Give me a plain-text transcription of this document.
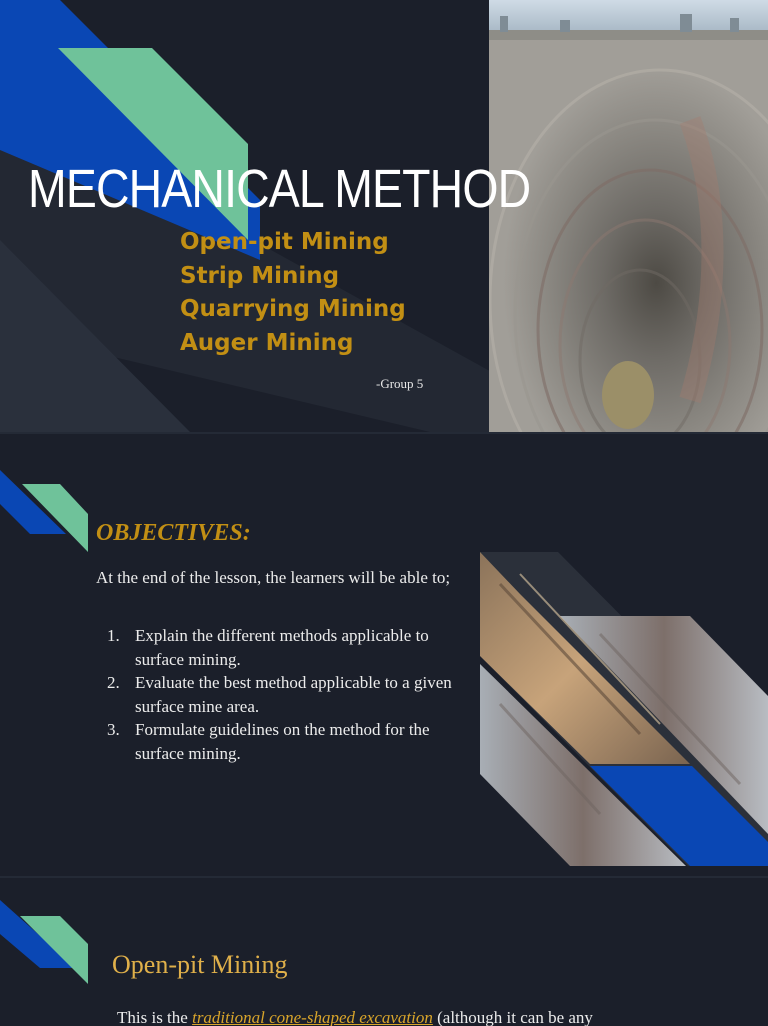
MECHANICAL METHOD
Open-pit Mining
Strip Mining
Quarrying Mining
Auger Mining
-Group 5
OBJECTIVES:
At the end of the lesson, the learners will be able to;
1. Explain the different methods applicable to surface mining.
2. Evaluate the best method applicable to a given surface mine area.
3. Formulate guidelines on the method for the surface mining.
Open-pit Mining
This is the traditional cone-shaped excavation (although it can be any
